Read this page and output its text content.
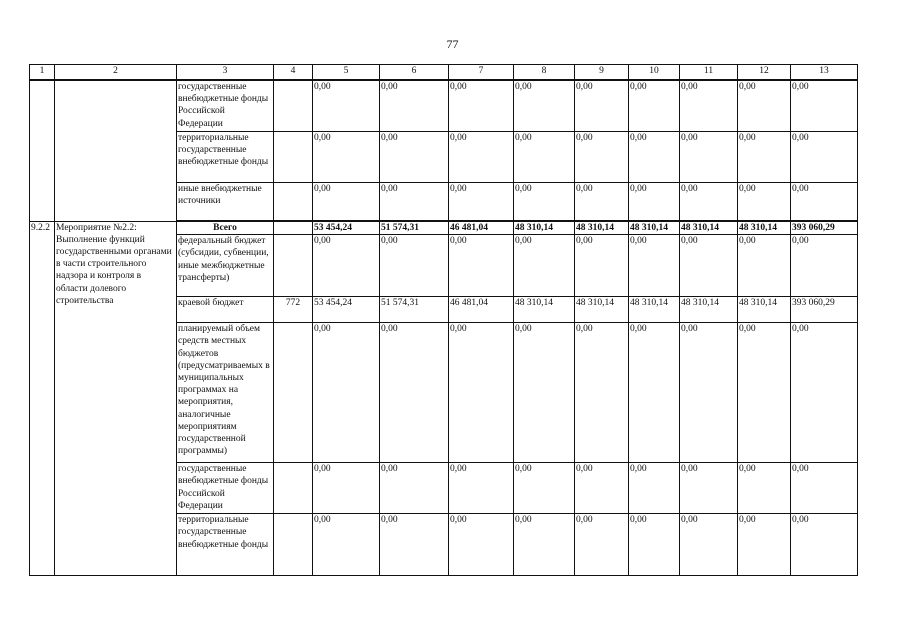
77
1	2	3	4	5	6	7	8	9	10	11	12	13
		государственные внебюджетные фонды Российской Федерации		0,00	0,00	0,00	0,00	0,00	0,00	0,00	0,00	0,00
		территориальные государственные внебюджетные фонды		0,00	0,00	0,00	0,00	0,00	0,00	0,00	0,00	0,00
		иные внебюджетные источники		0,00	0,00	0,00	0,00	0,00	0,00	0,00	0,00	0,00
9.2.2	Мероприятие №2.2: Выполнение функций государственными органами в части строительного надзора и контроля в области долевого строительства	Всего		53 454,24	51 574,31	46 481,04	48 310,14	48 310,14	48 310,14	48 310,14	48 310,14	393 060,29
		федеральный бюджет (субсидии, субвенции, иные межбюджетные трансферты)		0,00	0,00	0,00	0,00	0,00	0,00	0,00	0,00	0,00
		краевой бюджет	772	53 454,24	51 574,31	46 481,04	48 310,14	48 310,14	48 310,14	48 310,14	48 310,14	393 060,29
		планируемый объем средств местных бюджетов (предусматриваемых в муниципальных программах на мероприятия, аналогичные мероприятиям государственной программы)		0,00	0,00	0,00	0,00	0,00	0,00	0,00	0,00	0,00
		государственные внебюджетные фонды Российской Федерации		0,00	0,00	0,00	0,00	0,00	0,00	0,00	0,00	0,00
		территориальные государственные внебюджетные фонды		0,00	0,00	0,00	0,00	0,00	0,00	0,00	0,00	0,00
